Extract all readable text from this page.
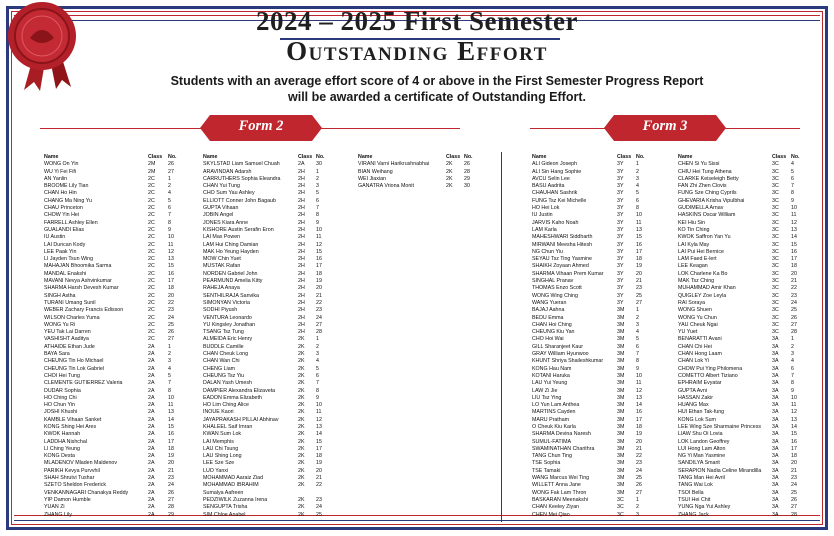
2024 – 2025 First Semester
Outstanding Effort
Students with an average effort score of 4 or above in the First Semester Progress Report
will be awarded a certificate of Outstanding Effort.
Form 2	Form 3
Name	Class No.
WONG On Yin	2M 26
WU Yi Fei Fifi	2M 27
AN Yanlin	2C 1
BROOME Lily Tian	2C 2
CHAN Ho Hin	2C 4
CHANG Ma Ning Yu	2C 5
CHAU Princeton	2C 6
CHOW Yin Hei	2C 7
FARRELL Ashley Ellen	2C 8
GUALANDI Elias	2C 9
IU Austin	2C 10
LAI Duncan Kody	2C 11
LEE Paak Yin	2C 12
LI Jayden Tsun Wing	2C 13
MAHAJAN Bhoomika Sarma	2C 15
MANDAL Enakshi	2C 16
MAVANI Nevya Ashvinkumar	2C 17
SHARMA Harsh Devesh Kumar	2C 18
SINGH Astha	2C 20
TURANI Umang Sunil	2C 22
WEBER Zachary Francis Edisson	2C 23
WILSON Charles Yuma	2C 24
WONG Yu Ri	2C 25
YEU Tak Lai Darren	2C 26
VASHISHT Aaditya	2C 27
ATHAIDE Ethan Jude	2A	1
BAYA Sara	2A	2
CHEUNG Tin Ho Michael	2A	3
CHEUNG Tin Lok Gabriel	2A	4
CHOI Hei Tung	2A	5
CLEMENTE GUTIERREZ Valeria	2A	7
DUDAR Sophia	2A	8
HO Ching Chi	2A	10
HO Chun Yin	2A	11
JOSHI Khushi	2A	13
KAMBLE Vihaan Sanket	2A	14
KONG Shing Hei Ares	2A	15
KWOK Hannah	2A	16
LADDHA Nishchal	2A	17
LI Ching Yeung	2A	18
KONG Desta	2A	19
MLADENOV Mladen Maldenov	2A	20
PARIKH Kevya Purvvhil	2A	21
SHAH Shrutvi Tushar	2A	23
SZETO Sheldon Frederick	2A	24
VENKANNAGARI Chanakya Reddy	2A	26
YIP Damon Humble	2A	27
YUAN Zi	2A	28
ZHANG Lily	2A	29
Name	Class No.
SKYLSTAD Liam Samuel Chuah	2A 30
ARAVINDAN Adarsh	2H 1
CARRUTHERS Sophia Eleandra	2H 2
CHAN Yui Tung	2H 3
CHO Sum Yau Ashley	2H 5
ELLIOTT Conner John Bagaub	2H 6
GUPTA Vihaan	2H 7
JOBIN Angel	2H 8
JONES Kiara Anne	2H 9
KISHORE Austin Serafin Eron	2H 10
LAI Max Powen	2H 11
LAM Hui Ching Damian	2H 12
MAK Ho Yeung Hayden	2H 15
MOW Chin Yuet	2H 16
MUSTAK Rafan	2H 17
NORDEN Gabriel John	2H 18
PEARMUND Amelia Kitty	2H 19
RAHEJA Anaya	2H 20
SENTHILRAJA Sanvika	2H 21
SIMONYAN Victoria	2H 22
SODHI Piyush	2H 23
VENTURA Leonardo	2H 24
YU Kingsley Jonathan	2H 27
TSANG Tsz Tung	2H 28
ALMEIDA Eric Henry	2K 1
BUDDLE Camille	2K 2
CHAN Cheuk Long	2K 3
CHAN Wan Chi	2K 4
CHENG Liam	2K 5
CHEUNG Tsz Yiu	2K 6
DALAN Yash Umesh	2K 7
DAMPIER Alexandra Elizaveta	2K 8
EADON Emma Elizabeth	2K 9
HO Lim Ching Alice	2K 10
INOUE Kaori	2K 11
JAYAPRAKASH PILLAI Abhinav	2K 12
KHALEEL Saif Imran	2K 13
KWAN Sum Lok	2K 14
LAI Memphis	2K 15
LAU Chi Tsung	2K 17
LAU Shing Long	2K 18
LEE Sze Sze	2K 19
LUO Yanxi	2K 20
MOHAMMAD Aaraiz Ziad	2K 21
MOHAMMAD IBRAHIM	2K 22
Sumalya Aafreen
PEDZIWILK Zuzanna Irena	2K 23
SENGUPTA Trisha	2K 24
SIM Chloe Anabel	2K 25
Name	Class No.
VIRANI Varni Harikrushnabhai	2K 26
BIAN Weihang	2K 28
WEI Jiaxian	2K 29
GANATRA Vriona Monit	2K 30
Name	Class No.
ALI Gideon Joseph	3Y 1
ALI Sin Hang Sophie	3Y 2
AVCU Selin Lee	3Y 3
BASU Aadrita	3Y 4
CHAUHAN Sashrik	3Y 5
FUNG Tsz Kei Michelle	3Y 6
HO Hei Lok	3Y 8
IU Justin	3Y 10
JARVIS Kaho Noah	3Y 11
LAM Karla	3Y 13
MAHESHWARI Siddharth	3Y 15
MIRWANI Meesha Hitesh	3Y 16
NG Chun Yiu	3Y 17
SEYAU Tsz Ting Yasmine	3Y 18
SHAIKH Zoyaan Ahmed	3Y 19
SHARMA Vihaan Prem Kumar	3Y 20
SINGHAL Pranav	3Y 21
THOMAS Enzo Scott	3Y 23
WONG Wing Ching	3Y 25
WANG Yueran	3Y 27
BAJAJ Aahna	3M 1
BEDU Emma	3M 2
CHAN Hoi Ching	3M 3
CHEUNG Kiu Yan	3M 4
CHO Hoi Wai	3M 5
GILL Sharanjeet Kaur	3M 6
GRAY William Hyunwoo	3M 7
KHUNT Shriya Shaileshkumar	3M 8
KONG Hau Nam	3M 9
KOTANI Haruka	3M 10
LAU Yui Yeung	3M 11
LAW Zi Jie	3M 12
LIU Tsz Ying	3M 13
LO Yun Lam Anthea	3M 14
MARTINS Cayden	3M 16
MARU Pratham	3M 17
O Cheuk Kiu Karla	3M 18
SHARMA Devina Naresh	3M 19
SUMUL-FATIMA	3M 20
SWAMINATHAN Charithra	3M 21
TANG Chun Ting	3M 22
TSE Sophia	3M 23
TSE Tamaki	3M 24
WANG Marcus Wei Ting	3M 25
WILLETT Anna Jane	3M 26
WONG Fak Lam Thron	3M 27
BASKARAN Meenakshi	3C 1
CHAN Keeley Ziyan	3C 2
CHEN Mei Qiao	3C 3
Name	Class No.
CHEN Si Yu Sissi	3C 4
CHIU Hei Tung Athena	3C 5
CLARKE Keiseleigh Betty	3C 6
FAN Zhi Zhen Clovis	3C 7
FUNG Sze Ching Cyprils	3C 8
GHEVARIA Krisha Vipulbhai	3C 9
GUDIMELLA Arnav	3C 10
HASKINS Oscar William	3C 11
KEI Hiu Sin	3C 12
KO Tin Ching	3C 13
KWOK Saffron Yan Yu	3C 14
LAI Kyla May	3C 15
LAI Pui Hei Bernice	3C 16
LAM Faed E-lert	3C 17
LEE Keagan	3C 18
LOK Charlene Ka Bo	3C 20
MAK Tsz Ching	3C 21
MUHAMMAD Amir Khan	3C 22
QUIGLEY Zoe Leyla	3C 23
RAI Soraya	3C 24
WONG Shuen	3C 25
WONG Yu Chun	3C 26
YAU Cheuk Ngai	3C 27
YU Yuet	3C 28
BENARATTI Avani	3A 1
CHAN Chi Hei	3A 2
CHAN Hong Laam	3A 3
CHAN Lok Yi	3A 4
CHOW Pui Ying Philomena	3A 6
COMETTO Albert Tiziano	3A 7
EPHRAIM Evyatar	3A 8
GUPTA Avni	3A 9
HASSAN Zakir	3A 10
HUANG Max	3A 11
HUI Ethan Tak-fung	3A 12
KONG Lok Sum	3A 13
LEE Wing Sze Sharmaine Princess 3A 14
LIAW Shu Oi Lovia	3A 15
LOK Landon Geoffrey	3A 16
LUI Hong Lam Alton	3A 17
NG Yi Man Yasmine	3A 18
SANDILYA Smarit	3A 20
SERAPION Nadia Celine Mirandilla 3A 21
TANG Man Hei Avril	3A 23
TANG Wai Lok	3A 24
TSOI Bella	3A 25
TSUI Hei Chit	3A 26
YUNG Nga Yui Ashley	3A 27
ZHANG Jack	3A 28
